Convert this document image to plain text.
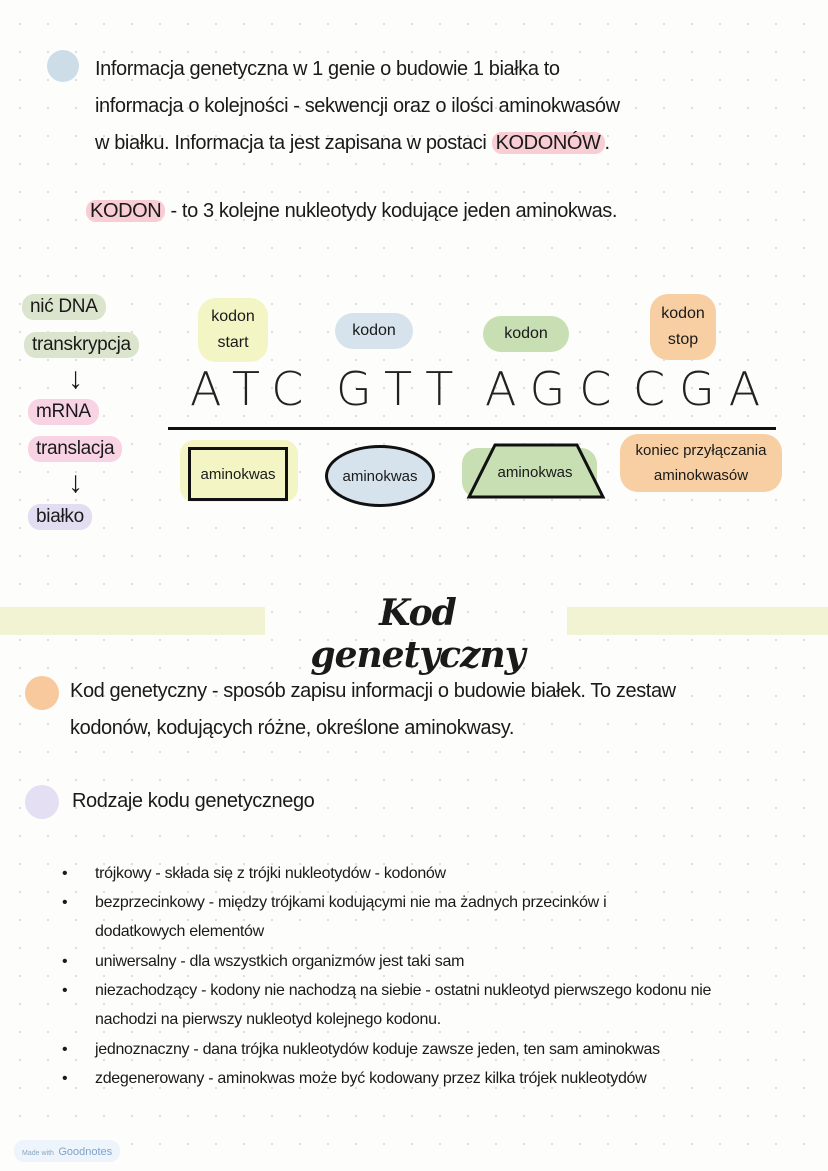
Informacja genetyczna w 1 genie o budowie 1 białka to
informacja o kolejności - sekwencji oraz o ilości aminokwasów
w białku. Informacja ta jest zapisana w postaci KODONÓW .
KODON - to 3 kolejne nukleotydy kodujące jeden aminokwas.
nić DNA
transkrypcja
↓
mRNA
translacja
↓
białko
kodon
start
kodon	kodon
kodon
stop
ATC GTT AGC CGA
aminokwas	aminokwas	aminokwas
koniec przyłączania
aminokwasów
Kod genetyczny
Kod genetyczny - sposób zapisu informacji o budowie białek. To zestaw
kodonów, kodujących różne, określone aminokwasy.
Rodzaje kodu genetycznego
• trójkowy - składa się z trójki nukleotydów - kodonów
• bezprzecinkowy - między trójkami kodującymi nie ma żadnych przecinków i
dodatkowych elementów
• uniwersalny - dla wszystkich organizmów jest taki sam
• niezachodzący - kodony nie nachodzą na siebie - ostatni nukleotyd pierwszego kodonu nie
nachodzi na pierwszy nukleotyd kolejnego kodonu.
• jednoznaczny - dana trójka nukleotydów koduje zawsze jeden, ten sam aminokwas
• zdegenerowany - aminokwas może być kodowany przez kilka trójek nukleotydów
Made with Goodnotes
